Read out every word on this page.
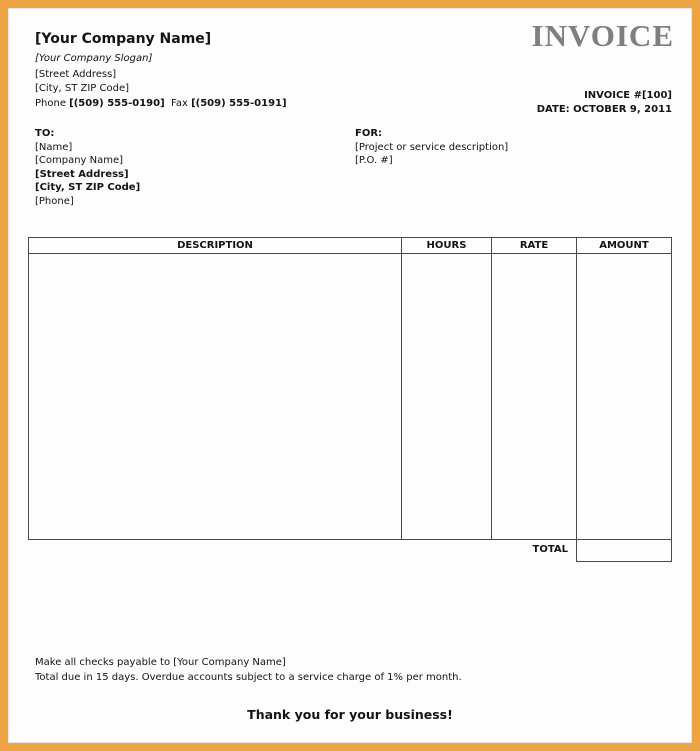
[Your Company Name]
[Your Company Slogan]
[Street Address]
[City, ST ZIP Code]
Phone [(509) 555-0190]  Fax [(509) 555-0191]
INVOICE
INVOICE #[100]
DATE: OCTOBER 9, 2011
TO:
[Name]
[Company Name]
[Street Address]
[City, ST ZIP Code]
[Phone]
FOR:
[Project or service description]
[P.O. #]
DESCRIPTION	HOURS	RATE	AMOUNT
TOTAL
Make all checks payable to [Your Company Name]
Total due in 15 days. Overdue accounts subject to a service charge of 1% per month.
Thank you for your business!
